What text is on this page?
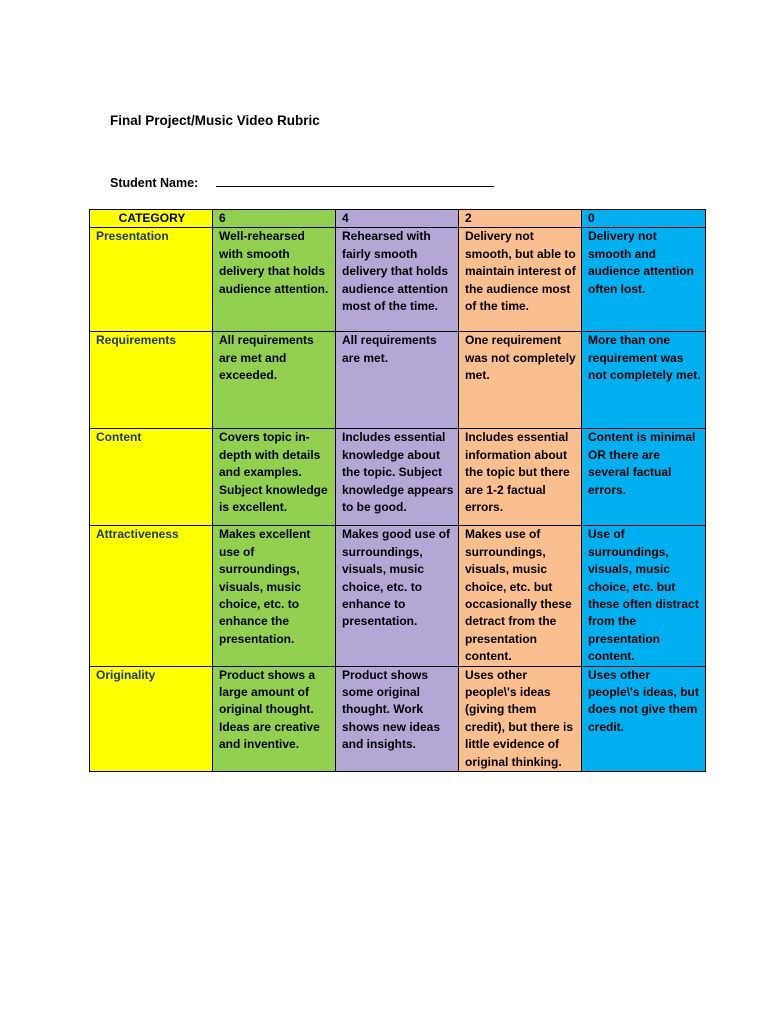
Final Project/Music Video Rubric
Student Name:
CATEGORY	6	4	2	0
Presentation	Well-rehearsed with smooth delivery that holds audience attention.	Rehearsed with fairly smooth delivery that holds audience attention most of the time.	Delivery not smooth, but able to maintain interest of the audience most of the time.	Delivery not smooth and audience attention often lost.
Requirements	All requirements are met and exceeded.	All requirements are met.	One requirement was not completely met.	More than one requirement was not completely met.
Content	Covers topic in-depth with details and examples. Subject knowledge is excellent.	Includes essential knowledge about the topic. Subject knowledge appears to be good.	Includes essential information about the topic but there are 1-2 factual errors.	Content is minimal OR there are several factual errors.
Attractiveness	Makes excellent use of surroundings, visuals, music choice, etc. to enhance the presentation.	Makes good use of surroundings, visuals, music choice, etc. to enhance to presentation.	Makes use of surroundings, visuals, music choice, etc. but occasionally these detract from the presentation content.	Use of surroundings, visuals, music choice, etc. but these often distract from the presentation content.
Originality	Product shows a large amount of original thought. Ideas are creative and inventive.	Product shows some original thought. Work shows new ideas and insights.	Uses other people\'s ideas (giving them credit), but there is little evidence of original thinking.	Uses other people\'s ideas, but does not give them credit.
